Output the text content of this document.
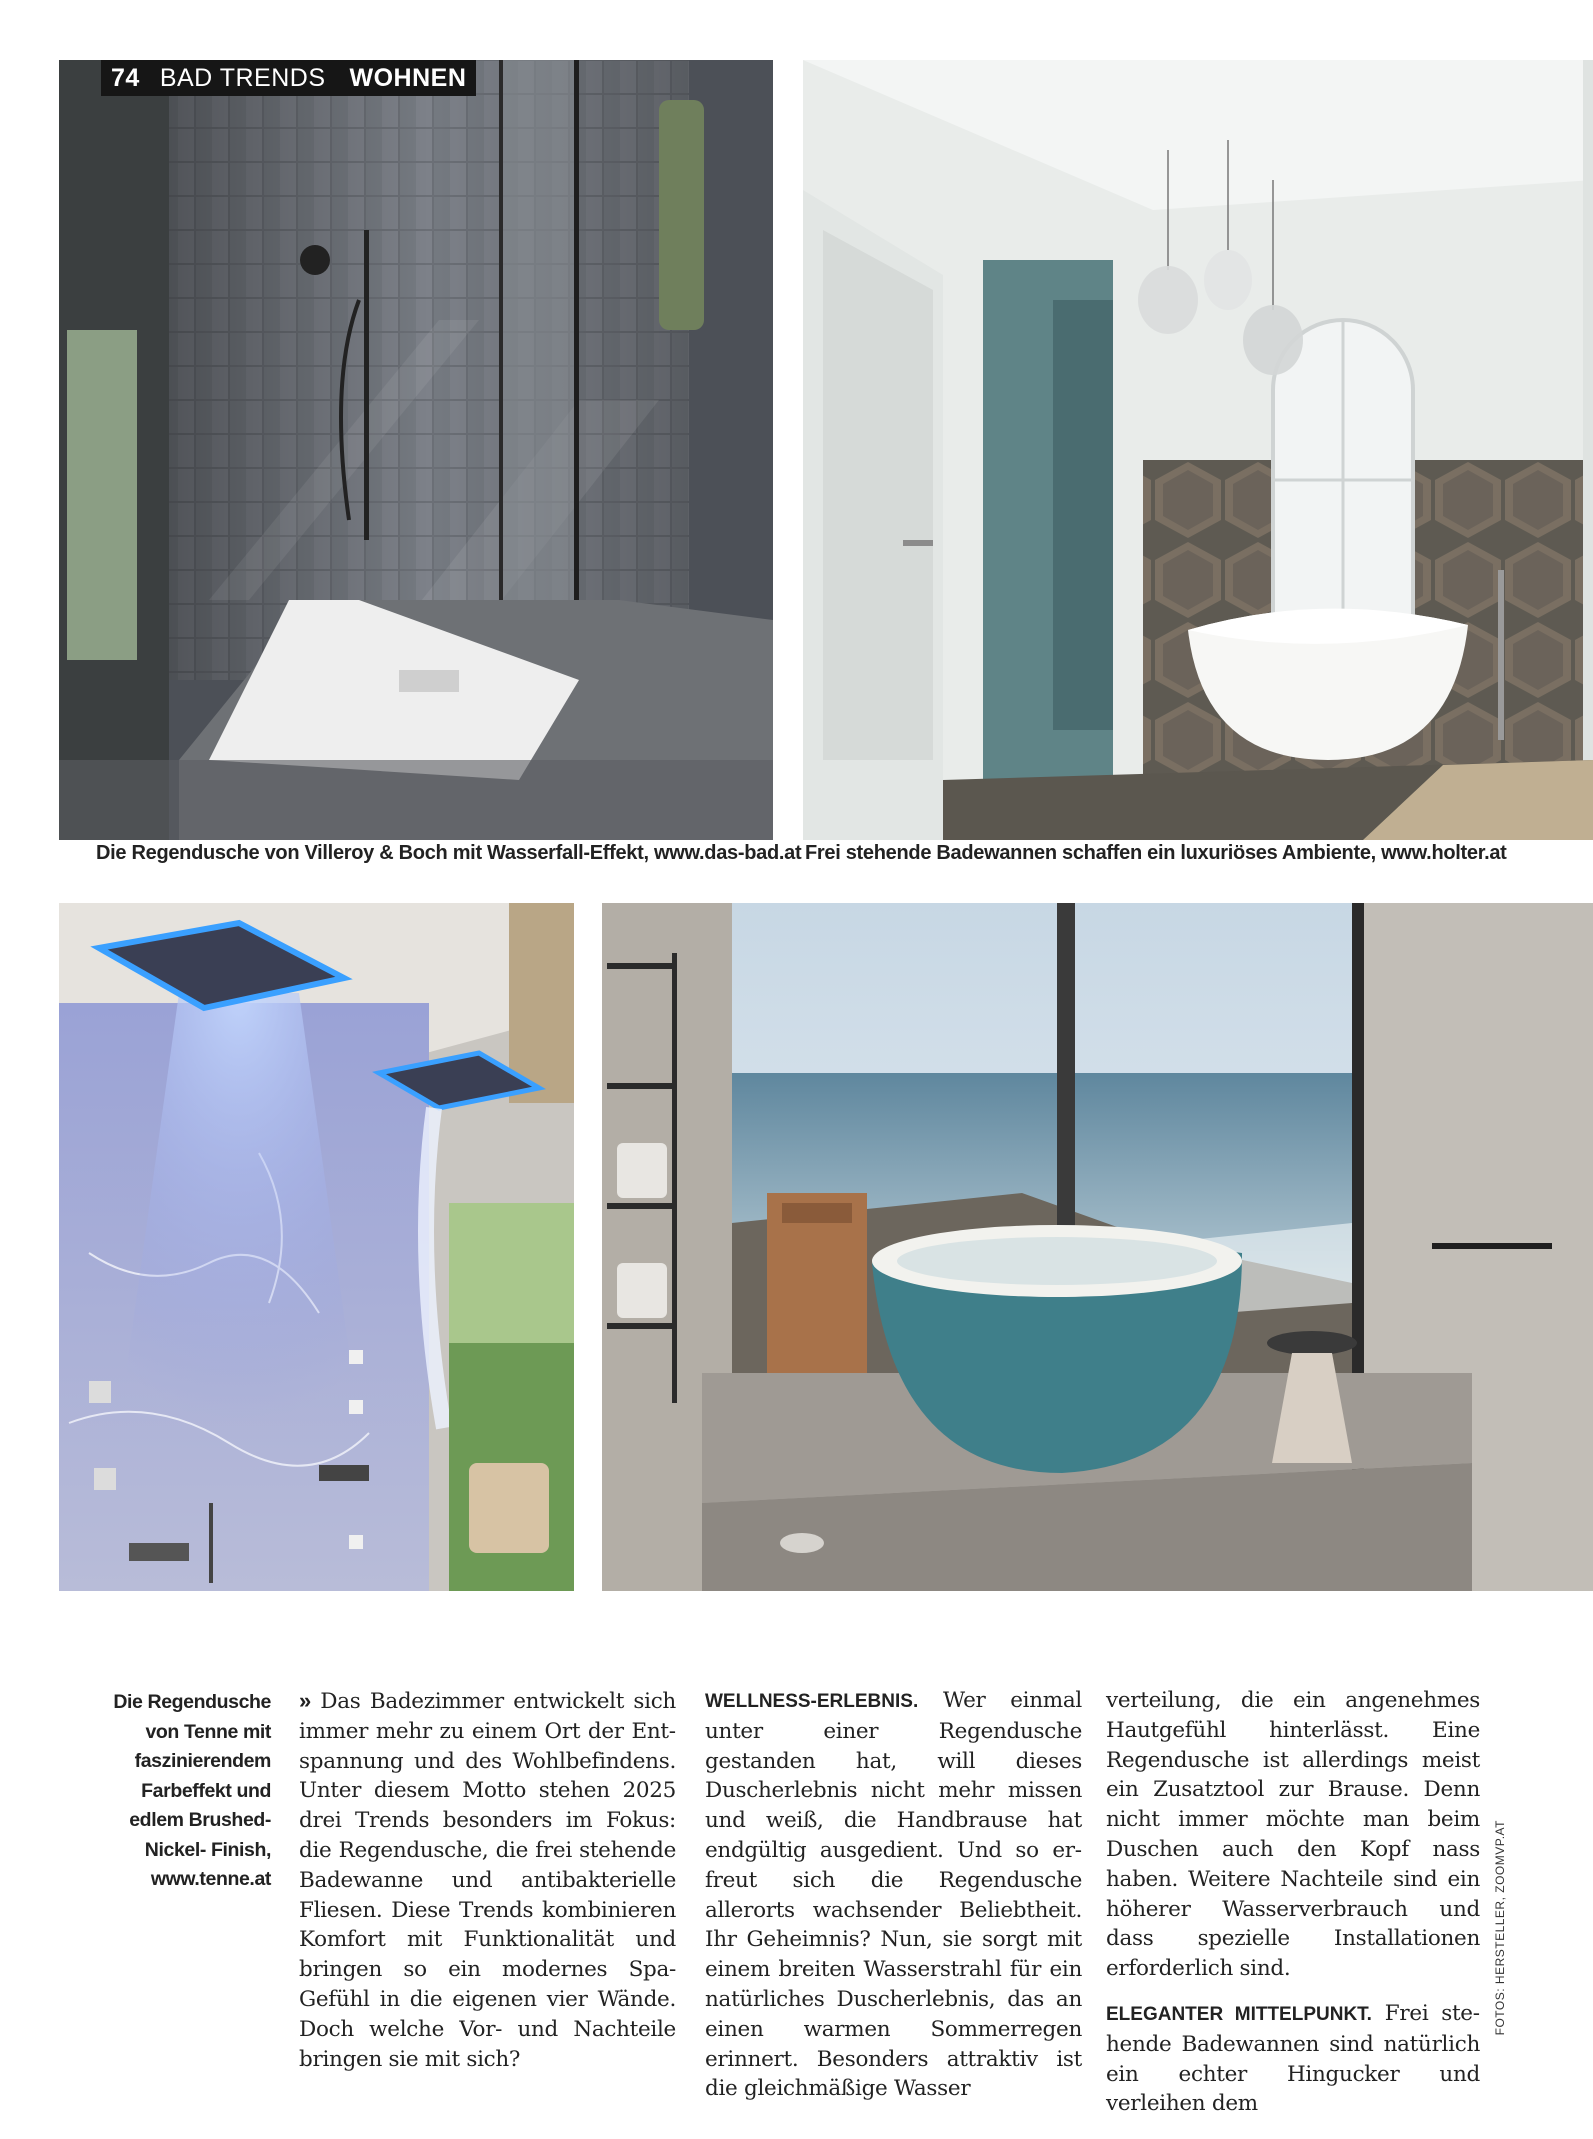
74 BAD TRENDS WOHNEN
Die Regendusche von Villeroy & Boch mit Wasserfall-Effekt, www.das-bad.at Frei stehende Badewannen schaffen ein luxuriöses Ambiente, www.holter.at
Die Regendusche
von Tenne mit
faszinierendem
Farbeffekt und
edlem Brushed-
Nickel- Finish,
www.tenne.at

» Das Badezimmer entwickelt sich immer mehr zu einem Ort der Entspannung und des Wohlbefindens. Unter diesem Motto stehen 2025 drei Trends besonders im Fokus: die Regendusche, die frei stehende Badewanne und antibakterielle Fliesen. Diese Trends kombinieren Komfort mit Funktionalität und bringen so ein modernes Spa-Gefühl in die eigenen vier Wände. Doch welche Vor- und Nachteile bringen sie mit sich?

WELLNESS-ERLEBNIS. Wer einmal unter einer Regendusche gestanden hat, will dieses Duscherlebnis nicht mehr missen und weiß, die Handbrause hat endgültig ausgedient. Und so erfreut sich die Regendusche allerorts wachsender Beliebtheit. Ihr Geheimnis? Nun, sie sorgt mit einem breiten Wasserstrahl für ein natürliches Duscherlebnis, das an einen warmen Sommerregen erinnert. Besonders attraktiv ist die gleichmäßige Wasser

verteilung, die ein angenehmes Hautgefühl hinterlässt. Eine Regendusche ist allerdings meist ein Zusatztool zur Brause. Denn nicht immer möchte man beim Duschen auch den Kopf nass haben. Weitere Nachteile sind ein höherer Wasserverbrauch und dass spezielle Installationen erforderlich sind.

ELEGANTER MITTELPUNKT. Frei stehende Badewannen sind natürlich ein echter Hingucker und verleihen dem

FOTOS: HERSTELLER, ZOOMVP.AT
